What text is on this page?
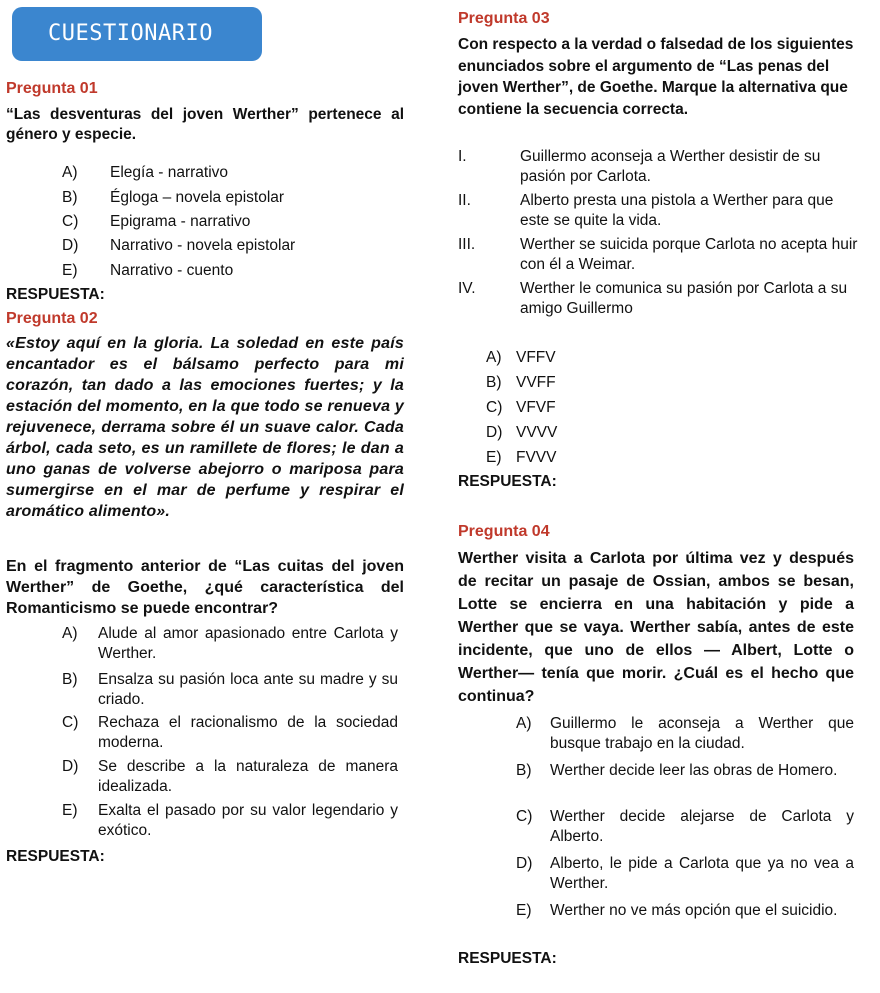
CUESTIONARIO
Pregunta 01
“Las desventuras del joven Werther” pertenece al género y especie.
A) Elegía - narrativo
B) Égloga – novela epistolar
C) Epigrama - narrativo
D) Narrativo - novela epistolar
E) Narrativo - cuento
RESPUESTA:
Pregunta 02
«Estoy aquí en la gloria. La soledad en este país encantador es el bálsamo perfecto para mi corazón, tan dado a las emociones fuertes; y la estación del momento, en la que todo se renueva y rejuvenece, derrama sobre él un suave calor. Cada árbol, cada seto, es un ramillete de flores; le dan a uno ganas de volverse abejorro o mariposa para sumergirse en el mar de perfume y respirar el aromático alimento».
En el fragmento anterior de “Las cuitas del joven Werther” de Goethe, ¿qué característica del Romanticismo se puede encontrar?
A) Alude al amor apasionado entre Carlota y Werther.
B) Ensalza su pasión loca ante su madre y su criado.
C) Rechaza el racionalismo de la sociedad moderna.
D) Se describe a la naturaleza de manera idealizada.
E) Exalta el pasado por su valor legendario y exótico.
RESPUESTA:
Pregunta 03
Con respecto a la verdad o falsedad de los siguientes enunciados sobre el argumento de “Las penas del joven Werther”, de Goethe. Marque la alternativa que contiene la secuencia correcta.
I.	Guillermo aconseja a Werther desistir de su pasión por Carlota.
II.	Alberto presta una pistola a Werther para que este se quite la vida.
III.	Werther se suicida porque Carlota no acepta huir con él a Weimar.
IV.	Werther le comunica su pasión por Carlota a su amigo Guillermo
A) VFFV
B) VVFF
C) VFVF
D) VVVV
E) FVVV
RESPUESTA:
Pregunta 04
Werther visita a Carlota por última vez y después de recitar un pasaje de Ossian, ambos se besan, Lotte se encierra en una habitación y pide a Werther que se vaya. Werther sabía, antes de este incidente, que uno de ellos — Albert, Lotte o Werther— tenía que morir. ¿Cuál es el hecho que continua?
A) Guillermo le aconseja a Werther que busque trabajo en la ciudad.
B) Werther decide leer las obras de Homero.
C) Werther decide alejarse de Carlota y Alberto.
D) Alberto, le pide a Carlota que ya no vea a Werther.
E) Werther no ve más opción que el suicidio.
RESPUESTA:
